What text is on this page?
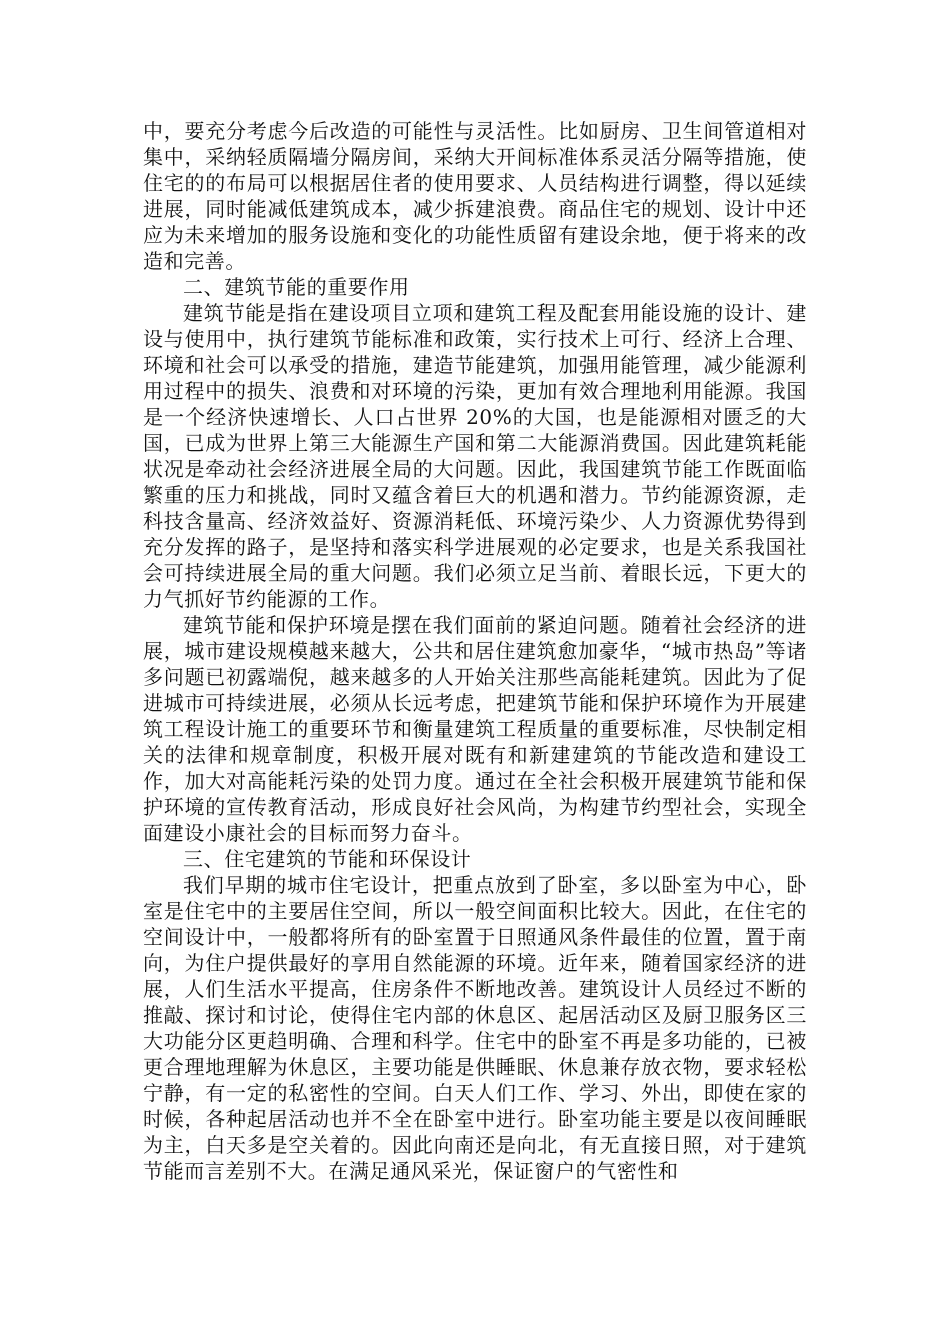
中，要充分考虑今后改造的可能性与灵活性。比如厨房、卫生间管道相对集中，采纳轻质隔墙分隔房间，采纳大开间标准体系灵活分隔等措施，使住宅的的布局可以根据居住者的使用要求、人员结构进行调整，得以延续进展，同时能减低建筑成本，减少拆建浪费。商品住宅的规划、设计中还应为未来增加的服务设施和变化的功能性质留有建设余地，便于将来的改造和完善。

二、建筑节能的重要作用

建筑节能是指在建设项目立项和建筑工程及配套用能设施的设计、建设与使用中，执行建筑节能标准和政策，实行技术上可行、经济上合理、环境和社会可以承受的措施，建造节能建筑，加强用能管理，减少能源利用过程中的损失、浪费和对环境的污染，更加有效合理地利用能源。我国是一个经济快速增长、人口占世界 20%的大国，也是能源相对匮乏的大国，已成为世界上第三大能源生产国和第二大能源消费国。因此建筑耗能状况是牵动社会经济进展全局的大问题。因此，我国建筑节能工作既面临繁重的压力和挑战，同时又蕴含着巨大的机遇和潜力。节约能源资源，走科技含量高、经济效益好、资源消耗低、环境污染少、人力资源优势得到充分发挥的路子，是坚持和落实科学进展观的必定要求，也是关系我国社会可持续进展全局的重大问题。我们必须立足当前、着眼长远，下更大的力气抓好节约能源的工作。

建筑节能和保护环境是摆在我们面前的紧迫问题。随着社会经济的进展，城市建设规模越来越大，公共和居住建筑愈加豪华，“城市热岛”等诸多问题已初露端倪，越来越多的人开始关注那些高能耗建筑。因此为了促进城市可持续进展，必须从长远考虑，把建筑节能和保护环境作为开展建筑工程设计施工的重要环节和衡量建筑工程质量的重要标准，尽快制定相关的法律和规章制度，积极开展对既有和新建建筑的节能改造和建设工作，加大对高能耗污染的处罚力度。通过在全社会积极开展建筑节能和保护环境的宣传教育活动，形成良好社会风尚，为构建节约型社会，实现全面建设小康社会的目标而努力奋斗。

三、住宅建筑的节能和环保设计

我们早期的城市住宅设计，把重点放到了卧室，多以卧室为中心，卧室是住宅中的主要居住空间，所以一般空间面积比较大。因此，在住宅的空间设计中，一般都将所有的卧室置于日照通风条件最佳的位置，置于南向，为住户提供最好的享用自然能源的环境。近年来，随着国家经济的进展，人们生活水平提高，住房条件不断地改善。建筑设计人员经过不断的推敲、探讨和讨论，使得住宅内部的休息区、起居活动区及厨卫服务区三大功能分区更趋明确、合理和科学。住宅中的卧室不再是多功能的，已被更合理地理解为休息区，主要功能是供睡眠、休息兼存放衣物，要求轻松宁静，有一定的私密性的空间。白天人们工作、学习、外出，即使在家的时候，各种起居活动也并不全在卧室中进行。卧室功能主要是以夜间睡眠为主，白天多是空关着的。因此向南还是向北，有无直接日照，对于建筑节能而言差别不大。在满足通风采光，保证窗户的气密性和
